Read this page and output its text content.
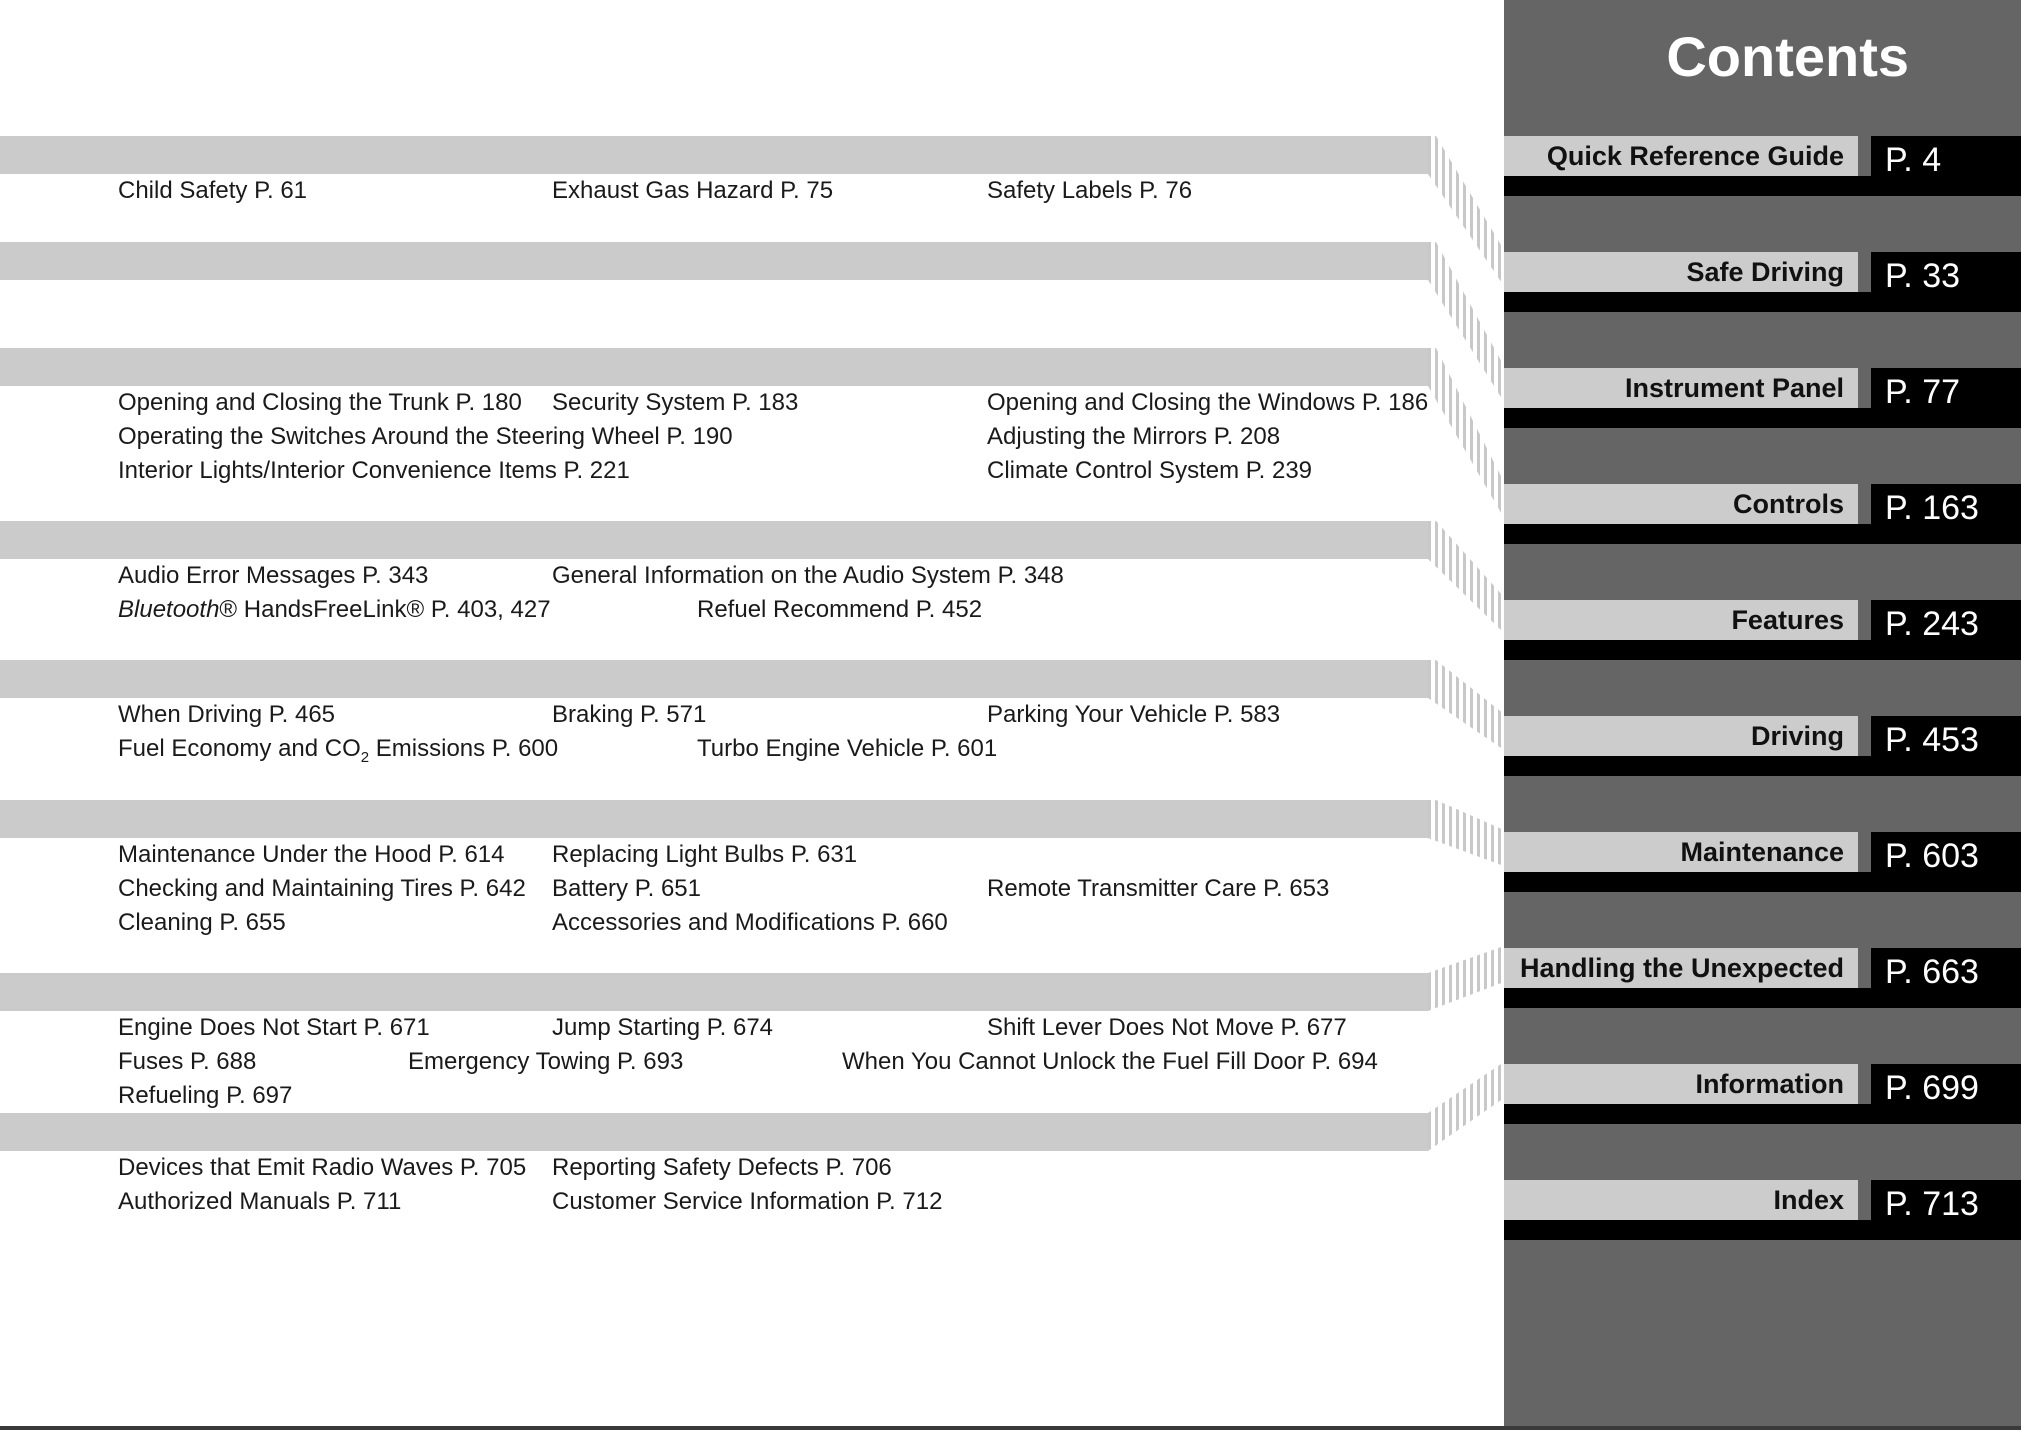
Child Safety P. 61	Exhaust Gas Hazard P. 75	Safety Labels P. 76
Opening and Closing the Trunk P. 180 Security System P. 183	Opening and Closing the Windows P. 186
Operating the Switches Around the Steering Wheel P. 190	Adjusting the Mirrors P. 208
Interior Lights/Interior Convenience Items P. 221	Climate Control System P. 239
Audio Error Messages P. 343	General Information on the Audio System P. 348
Bluetooth® HandsFreeLink® P. 403, 427	Refuel Recommend P. 452
When Driving P. 465	Braking P. 571	Parking Your Vehicle P. 583
Fuel Economy and $CO_2$ Emissions P. 600	Turbo Engine Vehicle P. 601
Maintenance Under the Hood P. 614 Replacing Light Bulbs P. 631
Checking and Maintaining Tires P. 642 Battery P. 651	Remote Transmitter Care P. 653
Cleaning P. 655	Accessories and Modifications P. 660
Engine Does Not Start P. 671	Jump Starting P. 674	Shift Lever Does Not Move P. 677
Fuses P. 688	Emergency Towing P. 693	When You Cannot Unlock the Fuel Fill Door P. 694
Refueling P. 697
Devices that Emit Radio Waves P. 705 Reporting Safety Defects P. 706
Authorized Manuals P. 711	Customer Service Information P. 712
Contents
Quick Reference Guide	P. 4
Safe Driving	P. 33
Instrument Panel	P. 77
Controls	P. 163
Features	P. 243
Driving	P. 453
Maintenance	P. 603
Handling the Unexpected	P. 663
Information	P. 699
Index	P. 713
